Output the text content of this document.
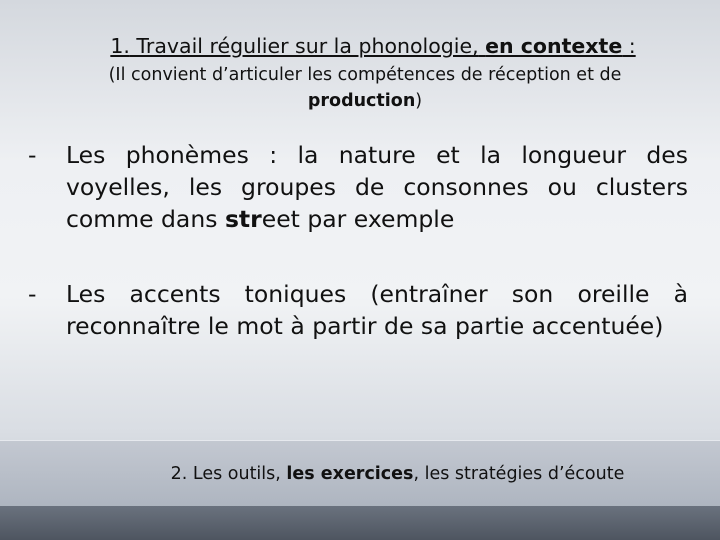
1. Travail régulier sur la phonologie, en contexte :
(Il convient d’articuler les compétences de réception et de
production)
- Les phonèmes : la nature et la longueur des voyelles, les groupes de consonnes ou clusters comme dans street par exemple
- Les accents toniques (entraîner son oreille à reconnaître le mot à partir de sa partie accentuée)
2. Les outils, les exercices, les stratégies d’écoute
